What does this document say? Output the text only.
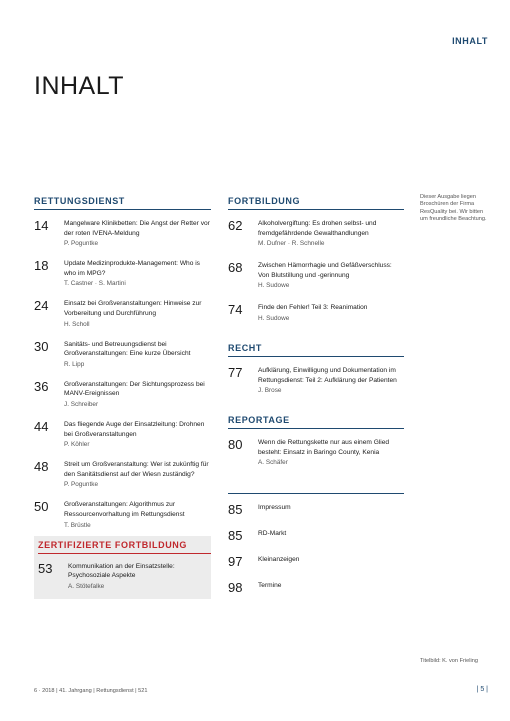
INHALT
INHALT
RETTUNGSDIENST
14	Mangelware Klinikbetten: Die Angst der Retter vor der roten IVENA-Meldung
P. Poguntke
18	Update Medizinprodukte-Management: Who is who im MPG?
T. Castner · S. Martini
24	Einsatz bei Großveranstaltungen: Hinweise zur Vorbereitung und Durchführung
H. Scholl
30	Sanitäts- und Betreuungsdienst bei Großveranstaltungen: Eine kurze Übersicht
R. Lipp
36	Großveranstaltungen: Der Sichtungsprozess bei MANV-Ereignissen
J. Schreiber
44	Das fliegende Auge der Einsatzleitung: Drohnen bei Großveranstaltungen
P. Köhler
48	Streit um Großveranstaltung: Wer ist zukünftig für den Sanitätsdienst auf der Wiesn zuständig?
P. Poguntke
50	Großveranstaltungen: Algorithmus zur Ressourcenvorhaltung im Rettungsdienst
T. Brüstle
ZERTIFIZIERTE FORTBILDUNG
53	Kommunikation an der Einsatzstelle: Psychosoziale Aspekte
A. Stötefalke
FORTBILDUNG
62	Alkoholvergiftung: Es drohen selbst- und fremdgefährdende Gewalthandlungen
M. Dufner · R. Schnelle
68	Zwischen Hämorrhagie und Gefäßverschluss: Von Blutstillung und -gerinnung
H. Sudowe
74	Finde den Fehler! Teil 3: Reanimation
H. Sudowe
RECHT
77	Aufklärung, Einwilligung und Dokumentation im Rettungsdienst: Teil 2: Aufklärung der Patienten
J. Brose
REPORTAGE
80	Wenn die Rettungskette nur aus einem Glied besteht: Einsatz in Baringo County, Kenia
A. Schäfer
85	Impressum
85	RD-Markt
97	Kleinanzeigen
98	Termine
Dieser Ausgabe liegen Broschüren der Firma ResQuality bei. Wir bitten um freundliche Beachtung.
Titelbild: K. von Frieling
6 · 2018 | 41. Jahrgang | Rettungsdienst | 521	| 5 |
